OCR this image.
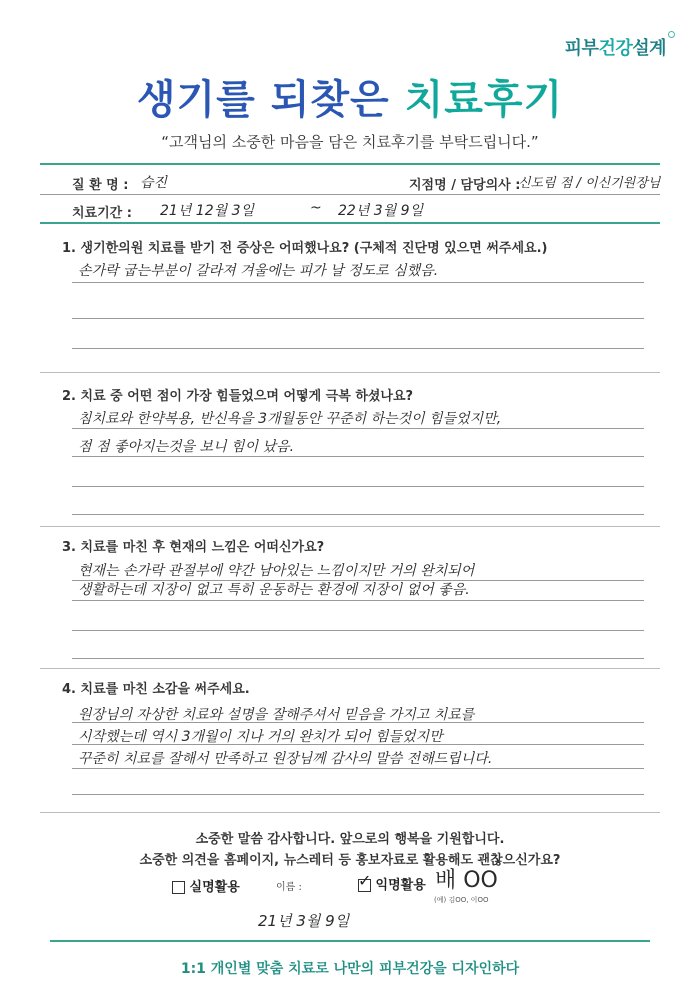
피부건강설계
생기를 되찾은 치료후기
“고객님의 소중한 마음을 담은 치료후기를 부탁드립니다.”
질 환 명 : 습진	지점명 / 담당의사 :
신도림 점 / 이신기원장님
치료기간 : 21년 12월 3일	~ 22년 3월 9일
1. 생기한의원 치료를 받기 전 증상은 어떠했나요? (구체적 진단명 있으면 써주세요.)
손가락 굽는부분이 갈라져 겨울에는 피가 날 정도로 심했음.
2. 치료 중 어떤 점이 가장 힘들었으며 어떻게 극복 하셨나요?
침치료와 한약복용, 반신욕을 3개월동안 꾸준히 하는것이 힘들었지만,
점 점 좋아지는것을 보니 힘이 났음.
3. 치료를 마친 후 현재의 느낌은 어떠신가요?
현재는 손가락 관절부에 약간 남아있는 느낌이지만 거의 완치되어
생활하는데 지장이 없고 특히 운동하는 환경에 지장이 없어 좋음.
4. 치료를 마친 소감을 써주세요.
원장님의 자상한 치료와 설명을 잘해주셔서 믿음을 가지고 치료를
시작했는데 역시 3개월이 지나 거의 완치가 되어 힘들었지만
꾸준히 치료를 잘해서 만족하고 원장님께 감사의 말씀 전해드립니다.
소중한 말씀 감사합니다. 앞으로의 행복을 기원합니다.
소중한 의견을 홈페이지, 뉴스레터 등 홍보자료로 활용해도 괜찮으신가요?
실명활용	이름 :	✓ 익명활용 배 OO
(예) 김OO, 이OO
21년 3월 9일
1:1 개인별 맞춤 치료로 나만의 피부건강을 디자인하다
